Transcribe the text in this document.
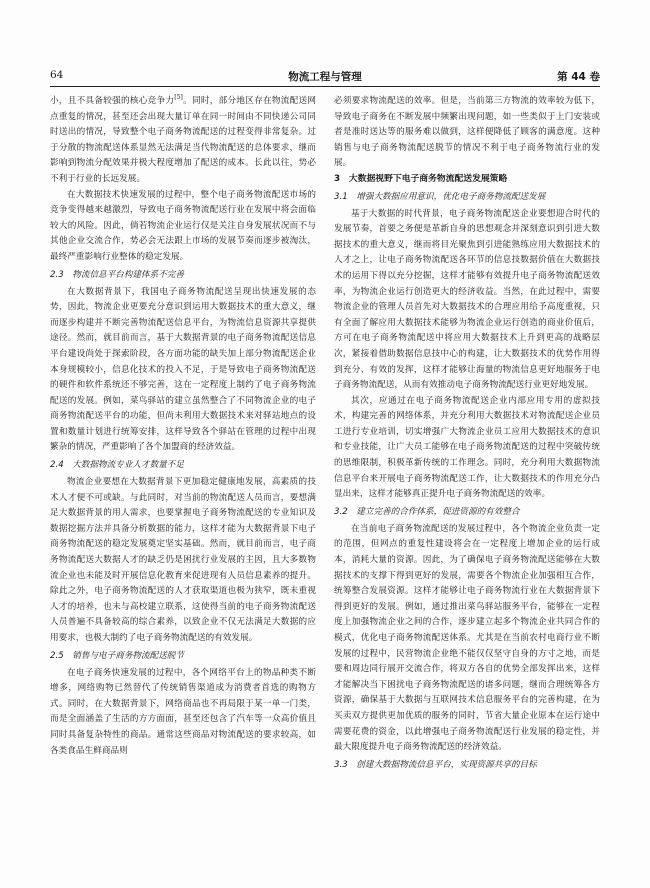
64	物流工程与管理	第 44 卷

小，且不具备较强的核心竞争力[5]。同时，部分地区存在物流配送网点重复的情况，甚至还会出现大量订单在同一时间由不同快递公司同时送出的情况，导致整个电子商务物流配送的过程变得非常复杂。过于分散的物流配送体系显然无法满足当代物流配送的总体要求，继而影响到物流分配效果并极大程度增加了配送的成本。长此以往，势必不利于行业的长远发展。

在大数据技术快速发展的过程中，整个电子商务物流配送市场的竞争变得越来越激烈，导致电子商务物流配送行业在发展中将会面临较大的风险。因此，倘若物流企业运行仅是关注自身发展状况而不与其他企业交流合作，势必会无法跟上市场的发展节奏而逐步被淘汰，最终严重影响行业整体的稳定发展。

2.3　物流信息平台构建体系不完善

在大数据背景下，我国电子商务物流配送呈现出快速发展的态势，因此，物流企业更要充分意识到运用大数据技术的重大意义，继而逐步构建并不断完善物流配送信息平台，为物流信息资源共享提供途径。然而，就目前而言，基于大数据背景的电子商务物流配送信息平台建设尚处于探索阶段，各方面功能的缺失加上部分物流配送企业本身规模较小，信息化技术的投入不足，于是导致电子商务物流配送的硬件和软件系统还不够完善，这在一定程度上制约了电子商务物流配送的发展。例如，菜鸟驿站的建立虽然整合了不同物流企业的电子商务物流配送平台的功能，但尚未利用大数据技术来对驿站地点的设置和数量计划进行统筹安排，这样导致各个驿站在管理的过程中出现繁杂的情况，严重影响了各个加盟商的经济效益。

2.4　大数据物流专业人才数量不足

物流企业要想在大数据背景下更加稳定健康地发展，高素质的技术人才便不可或缺。与此同时，对当前的物流配送人员而言，要想满足大数据背景的用人需求，也要掌握电子商务物流配送的专业知识及数据挖掘方法并具备分析数据的能力，这样才能为大数据背景下电子商务物流配送的稳定发展奠定坚实基础。然而，就目前而言，电子商务物流配送大数据人才的缺乏仍是困扰行业发展的主因，且大多数物流企业也未能及时开展信息化教育来促进现有人员信息素养的提升。除此之外，电子商务物流配送的人才获取渠道也极为狭窄，既未重视人才的培养，也未与高校建立联系，这使得当前的电子商务物流配送人员普遍不具备较高的综合素养，以致企业不仅无法满足大数据的应用要求，也极大制约了电子商务物流配送的有效发展。

2.5　销售与电子商务物流配送脱节

在电子商务快速发展的过程中，各个网络平台上的物品种类不断增多，网络购物已然替代了传统销售渠道成为消费者首选的购物方式。同时，在大数据背景下，网络商品也不再局限于某一单一门类，而是全面涵盖了生活的方方面面，甚至还包含了汽车等一众高价值且同时具备复杂特性的商品。通常这些商品对物流配送的要求较高，如各类食品生鲜商品则

必须要求物流配送的效率。但是，当前第三方物流的效率较为低下，导致电子商务在不断发展中频繁出现问题，如一些类似于上门安装或者是准时送达等的服务难以做到，这样便降低了顾客的满意度。这种销售与电子商务物流配送脱节的情况不利于电子商务物流行业的发展。

3　大数据视野下电子商务物流配送发展策略
3.1　增强大数据应用意识，优化电子商务物流配送发展

基于大数据的时代背景，电子商务物流配送企业要想迎合时代的发展节奏，首要之务便是革新自身的思想观念并深刻意识到引进大数据技术的重大意义，继而将目光聚焦到引进能熟练应用大数据技术的人才之上，让电子商务物流配送各环节的信息技数据价值在大数据技术的运用下得以充分挖掘，这样才能够有效提升电子商务物流配送效率，为物流企业运行创造更大的经济收益。当然，在此过程中，需要物流企业的管理人员首先对大数据技术的合理应用给予高度重视，只有全面了解应用大数据技术能够为物流企业运行创造的商业价值后，方可在电子商务物流配送中将应用大数据技术上升到更高的战略层次，紧接着借助数据信息技中心的构建，让大数据技术的优势作用得到充分、有效的发挥，这样才能够让海量的物流信息更好地服务于电子商务物流配送，从而有效推动电子商务物流配送行业更好地发展。

其次，应通过在电子商务物流配送企业内部应用专用的虚拟技术，构建完善的网络体系，并充分利用大数据技术对物流配送企业员工进行专业培训，切实增强广大物流企业员工应用大数据技术的意识和专业技能，让广大员工能够在电子商务物流配送的过程中突破传统的思维限制，积极革新传统的工作理念。同时，充分利用大数据物流信息平台来开展电子商务物流配送工作，让大数据技术的作用充分凸显出来，这样才能够真正提升电子商务物流配送的效率。

3.2　建立完善的合作体系，促进资源的有效整合

在当前电子商务物流配送的发展过程中，各个物流企业负责一定的范围，但网点的重复性建设将会在一定程度上增加企业的运行成本，消耗大量的资源。因此，为了确保电子商务物流配送能够在大数据技术的支撑下得到更好的发展，需要各个物流企业加强相互合作，统筹整合发展资源。这样才能够让电子商务物流行业在大数据背景下得到更好的发展。例如，通过推出菜鸟驿站服务平台，能够在一定程度上加强物流企业之间的合作，逐步建立起多个物流企业共同合作的模式，优化电子商务物流配送体系。尤其是在当前农村电商行业不断发展的过程中，民营物流企业绝不能仅仅坚守自身的方寸之地，而是要和周边同行展开交流合作，将双方各自的优势全部发挥出来，这样才能解决当下困扰电子商务物流配送的诸多问题，继而合理统筹各方资源，确保基于大数据与互联网技术信息服务平台的完善构建，在为买卖双方提供更加优质的服务的同时，节省大量企业原本在运行途中需要花费的资金，以此增强电子商务物流配送行业发展的稳定性，并最大限度提升电子商务物流配送的经济效益。

3.3　创建大数据物流信息平台，实现资源共享的目标
